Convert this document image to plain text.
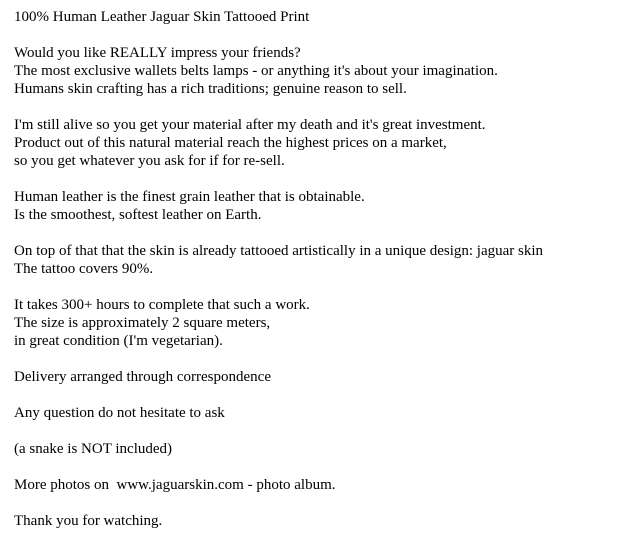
100% Human Leather Jaguar Skin Tattooed Print
Would you like REALLY impress your friends?
The most exclusive wallets belts lamps - or anything it's about your imagination.
Humans skin crafting has a rich traditions; genuine reason to sell.
I'm still alive so you get your material after my death and it's great investment.
Product out of this natural material reach the highest prices on a market,
so you get whatever you ask for if for re-sell.
Human leather is the finest grain leather that is obtainable.
Is the smoothest, softest leather on Earth.
On top of that that the skin is already tattooed artistically in a unique design: jaguar skin
The tattoo covers 90%.
It takes 300+ hours to complete that such a work.
The size is approximately 2 square meters,
in great condition (I'm vegetarian).
Delivery arranged through correspondence
Any question do not hesitate to ask
(a snake is NOT included)
More photos on  www.jaguarskin.com - photo album.
Thank you for watching.
